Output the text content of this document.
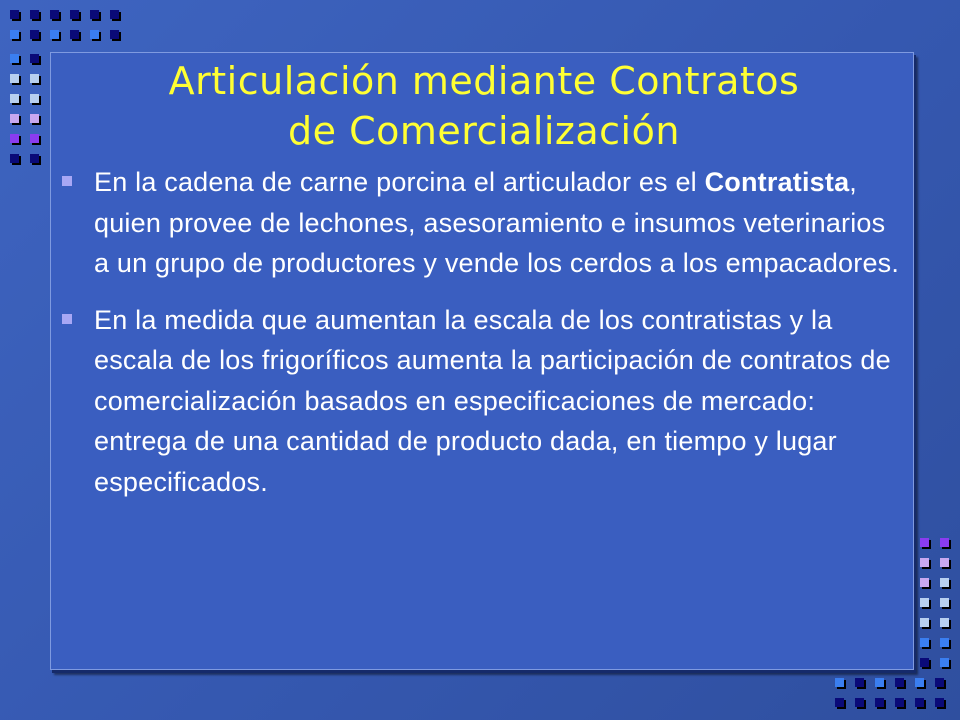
Articulación mediante Contratos
de Comercialización
En la cadena de carne porcina el articulador es el Contratista, quien provee de lechones, asesoramiento e insumos veterinarios a un grupo de productores y vende los cerdos a los empacadores.
En la medida que aumentan la escala de los contratistas y la escala de los frigoríficos aumenta la participación de contratos de comercialización basados en especificaciones de mercado: entrega de una cantidad de producto dada, en tiempo y lugar especificados.
